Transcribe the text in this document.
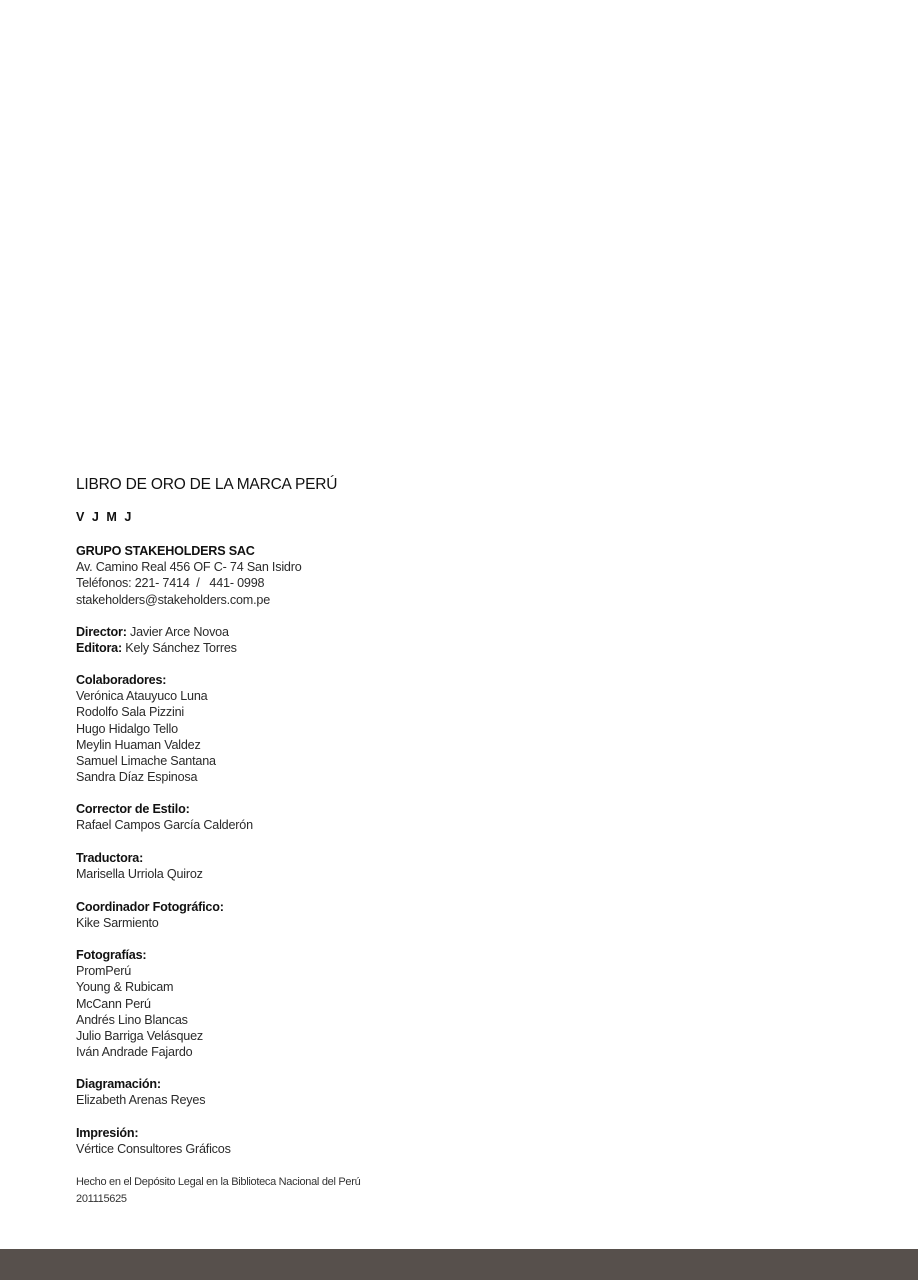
LIBRO DE ORO DE LA MARCA PERÚ
V J M J
GRUPO STAKEHOLDERS SAC
Av. Camino Real 456 OF C- 74 San Isidro
Teléfonos: 221- 7414  /   441- 0998
stakeholders@stakeholders.com.pe
Director: Javier Arce Novoa
Editora: Kely Sánchez Torres
Colaboradores:
Verónica Atauyuco Luna
Rodolfo Sala Pizzini
Hugo Hidalgo Tello
Meylin Huaman Valdez
Samuel Limache Santana
Sandra Díaz Espinosa
Corrector de Estilo:
Rafael Campos García Calderón
Traductora:
Marisella Urriola Quiroz
Coordinador Fotográfico:
Kike Sarmiento
Fotografías:
PromPerú
Young & Rubicam
McCann Perú
Andrés Lino Blancas
Julio Barriga Velásquez
Iván Andrade Fajardo
Diagramación:
Elizabeth Arenas Reyes
Impresión:
Vértice Consultores Gráficos
Hecho en el Depósito Legal en la Biblioteca Nacional del Perú
201115625
